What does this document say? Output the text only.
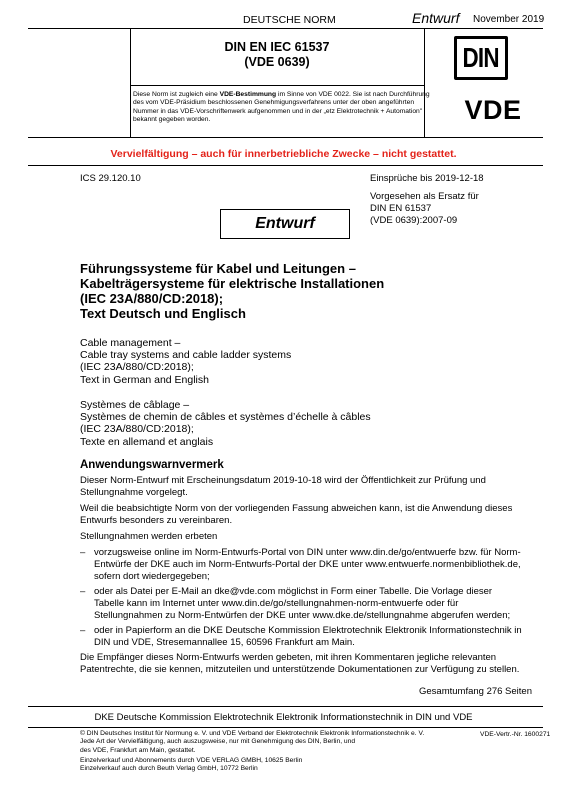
DEUTSCHE NORM	Entwurf November 2019
DIN EN IEC 61537
(VDE 0639)
Diese Norm ist zugleich eine VDE-Bestimmung im Sinne von VDE 0022. Sie ist nach Durchführung des vom VDE-Präsidium beschlossenen Genehmigungsverfahrens unter der oben angeführten Nummer in das VDE-Vorschriftenwerk aufgenommen und in der „etz Elektrotechnik + Automation" bekannt gegeben worden.
DIN
VDE
Vervielfältigung – auch für innerbetriebliche Zwecke – nicht gestattet.
ICS 29.120.10	Einsprüche bis 2019-12-18
Vorgesehen als Ersatz für
DIN EN 61537
(VDE 0639):2007-09
Entwurf
Führungssysteme für Kabel und Leitungen –
Kabelträgersysteme für elektrische Installationen
(IEC 23A/880/CD:2018);
Text Deutsch und Englisch
Cable management –
Cable tray systems and cable ladder systems
(IEC 23A/880/CD:2018);
Text in German and English
Systèmes de câblage –
Systèmes de chemin de câbles et systèmes d’échelle à câbles
(IEC 23A/880/CD:2018);
Texte en allemand et anglais
Anwendungswarnvermerk
Dieser Norm-Entwurf mit Erscheinungsdatum 2019-10-18 wird der Öffentlichkeit zur Prüfung und
Stellungnahme vorgelegt.
Weil die beabsichtigte Norm von der vorliegenden Fassung abweichen kann, ist die Anwendung dieses
Entwurfs besonders zu vereinbaren.
Stellungnahmen werden erbeten
– vorzugsweise online im Norm-Entwurfs-Portal von DIN unter www.din.de/go/entwuerfe bzw. für Norm-
Entwürfe der DKE auch im Norm-Entwurfs-Portal der DKE unter www.entwuerfe.normenbibliothek.de,
sofern dort wiedergegeben;
– oder als Datei per E-Mail an dke@vde.com möglichst in Form einer Tabelle. Die Vorlage dieser
Tabelle kann im Internet unter www.din.de/go/stellungnahmen-norm-entwuerfe oder für
Stellungnahmen zu Norm-Entwürfen der DKE unter www.dke.de/stellungnahme abgerufen werden;
– oder in Papierform an die DKE Deutsche Kommission Elektrotechnik Elektronik Informationstechnik in
DIN und VDE, Stresemannallee 15, 60596 Frankfurt am Main.
Die Empfänger dieses Norm-Entwurfs werden gebeten, mit ihren Kommentaren jegliche relevanten
Patentrechte, die sie kennen, mitzuteilen und unterstützende Dokumentationen zur Verfügung zu stellen.
Gesamtumfang 276 Seiten
DKE Deutsche Kommission Elektrotechnik Elektronik Informationstechnik in DIN und VDE
© DIN Deutsches Institut für Normung e. V. und VDE Verband der Elektrotechnik Elektronik Informationstechnik e. V.
Jede Art der Vervielfältigung, auch auszugsweise, nur mit Genehmigung des DIN, Berlin, und
des VDE, Frankfurt am Main, gestattet.
VDE-Vertr.-Nr. 1600271
Einzelverkauf und Abonnements durch VDE VERLAG GMBH, 10625 Berlin
Einzelverkauf auch durch Beuth Verlag GmbH, 10772 Berlin
